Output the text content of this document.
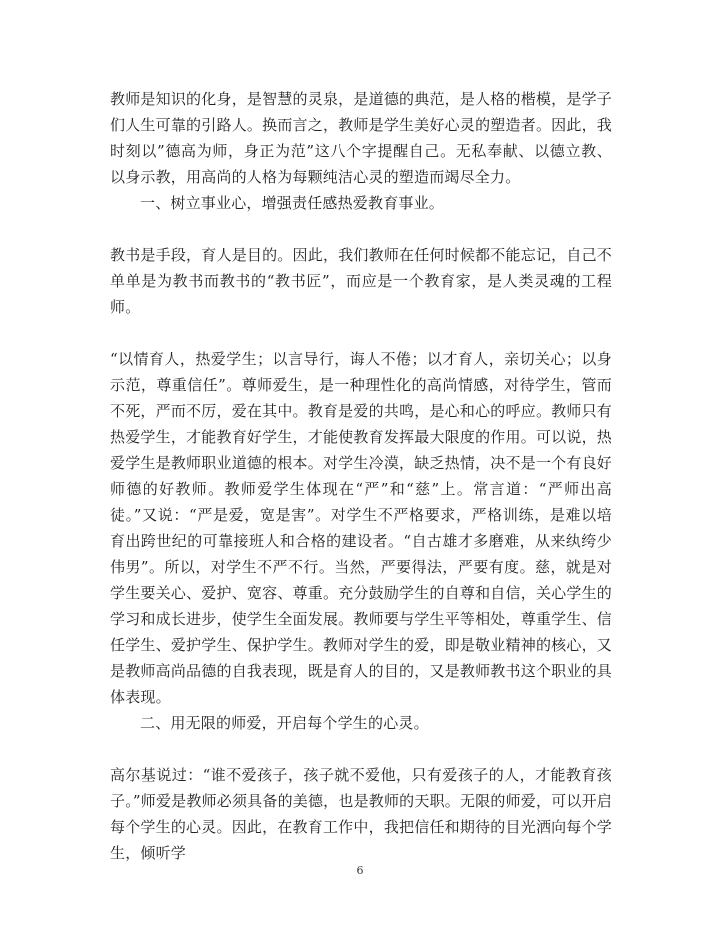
教师是知识的化身，是智慧的灵泉，是道德的典范，是人格的楷模，是学子们人生可靠的引路人。换而言之，教师是学生美好心灵的塑造者。因此，我时刻以”德高为师，身正为范”这八个字提醒自己。无私奉献、以德立教、以身示教，用高尚的人格为每颗纯洁心灵的塑造而竭尽全力。

一、树立事业心，增强责任感热爱教育事业。

教书是手段，育人是目的。因此，我们教师在任何时候都不能忘记，自己不单单是为教书而教书的“教书匠”，而应是一个教育家，是人类灵魂的工程师。

“以情育人，热爱学生；以言导行，诲人不倦；以才育人，亲切关心；以身示范，尊重信任”。尊师爱生，是一种理性化的高尚情感，对待学生，管而不死，严而不厉，爱在其中。教育是爱的共鸣，是心和心的呼应。教师只有热爱学生，才能教育好学生，才能使教育发挥最大限度的作用。可以说，热爱学生是教师职业道德的根本。对学生冷漠，缺乏热情，决不是一个有良好师德的好教师。教师爱学生体现在“严”和“慈”上。常言道：“严师出高徒。”又说：“严是爱，宽是害”。对学生不严格要求，严格训练，是难以培育出跨世纪的可靠接班人和合格的建设者。“自古雄才多磨难，从来纨绔少伟男”。所以，对学生不严不行。当然，严要得法，严要有度。慈，就是对学生要关心、爱护、宽容、尊重。充分鼓励学生的自尊和自信，关心学生的学习和成长进步，使学生全面发展。教师要与学生平等相处，尊重学生、信任学生、爱护学生、保护学生。教师对学生的爱，即是敬业精神的核心，又是教师高尚品德的自我表现，既是育人的目的，又是教师教书这个职业的具体表现。

二、用无限的师爱，开启每个学生的心灵。

高尔基说过：“谁不爱孩子，孩子就不爱他，只有爱孩子的人，才能教育孩子。”师爱是教师必须具备的美德，也是教师的天职。无限的师爱，可以开启每个学生的心灵。因此，在教育工作中，我把信任和期待的目光洒向每个学生，倾听学

6
